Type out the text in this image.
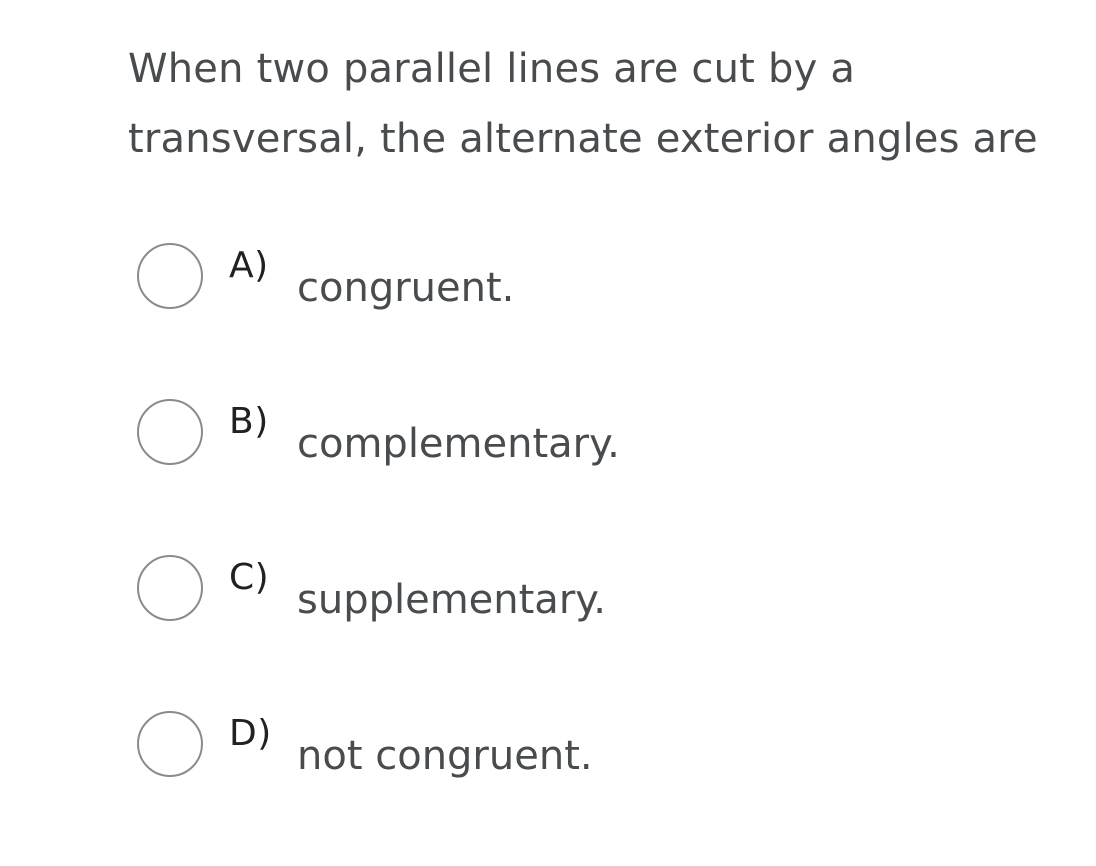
When two parallel lines are cut by a
transversal, the alternate exterior angles are
A) congruent.
B) complementary.
C) supplementary.
D) not congruent.
